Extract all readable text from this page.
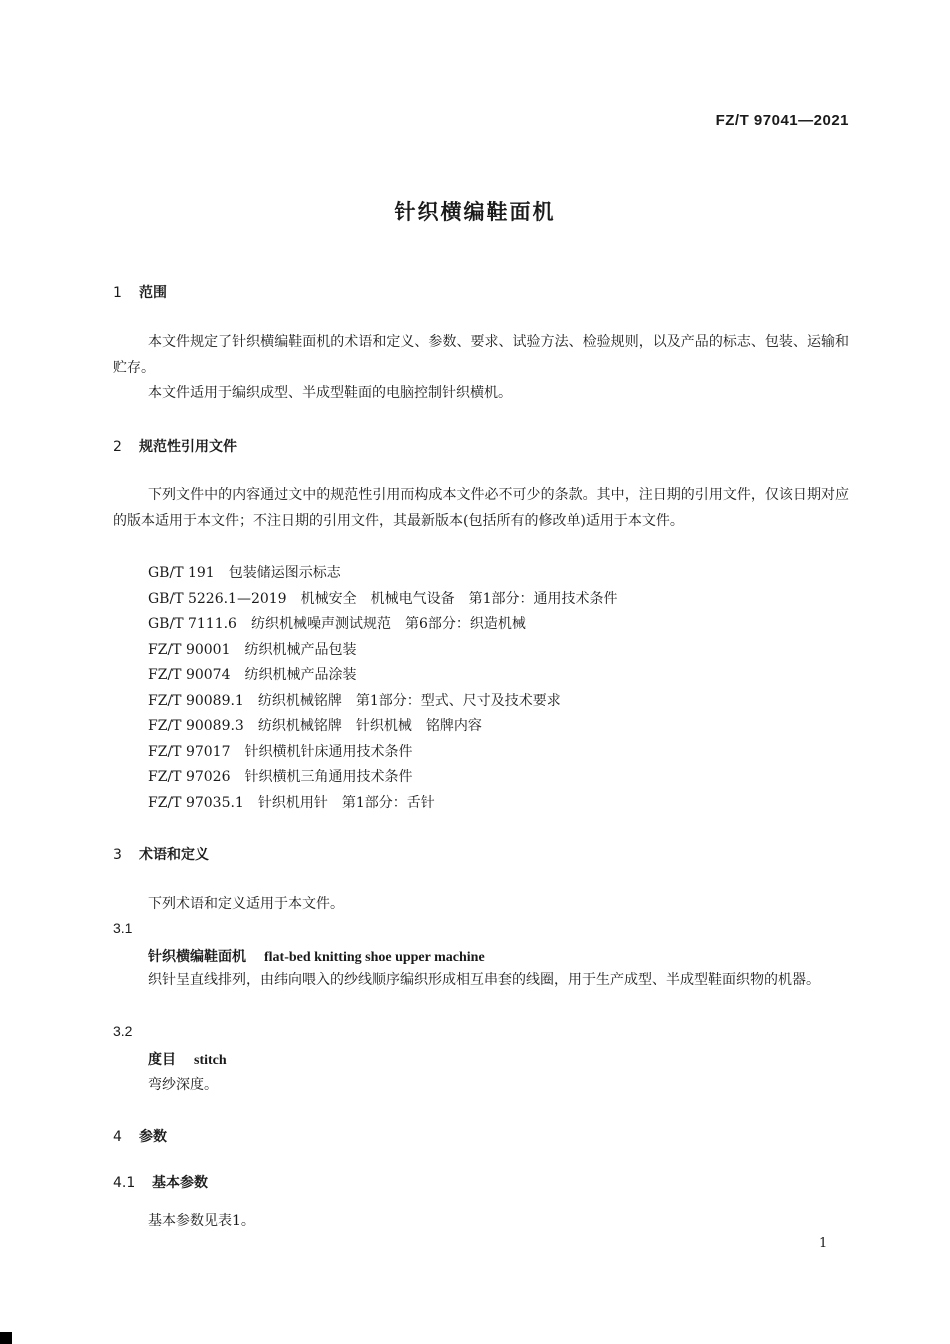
FZ/T 97041—2021
针织横编鞋面机
1 范围
本文件规定了针织横编鞋面机的术语和定义、参数、要求、试验方法、检验规则，以及产品的标志、包装、运输和贮存。
本文件适用于编织成型、半成型鞋面的电脑控制针织横机。
2 规范性引用文件
下列文件中的内容通过文中的规范性引用而构成本文件必不可少的条款。其中，注日期的引用文件，仅该日期对应的版本适用于本文件；不注日期的引用文件，其最新版本(包括所有的修改单)适用于本文件。
GB/T 191 包装储运图示标志
GB/T 5226.1—2019 机械安全　机械电气设备　第1部分：通用技术条件
GB/T 7111.6 纺织机械噪声测试规范　第6部分：织造机械
FZ/T 90001 纺织机械产品包装
FZ/T 90074 纺织机械产品涂装
FZ/T 90089.1 纺织机械铭牌　第1部分：型式、尺寸及技术要求
FZ/T 90089.3 纺织机械铭牌　针织机械　铭牌内容
FZ/T 97017 针织横机针床通用技术条件
FZ/T 97026 针织横机三角通用技术条件
FZ/T 97035.1 针织机用针　第1部分：舌针
3 术语和定义
下列术语和定义适用于本文件。
3.1
针织横编鞋面机 flat-bed knitting shoe upper machine
织针呈直线排列，由纬向喂入的纱线顺序编织形成相互串套的线圈，用于生产成型、半成型鞋面织物的机器。
3.2
度目 stitch
弯纱深度。
4 参数
4.1 基本参数
基本参数见表1。
1
